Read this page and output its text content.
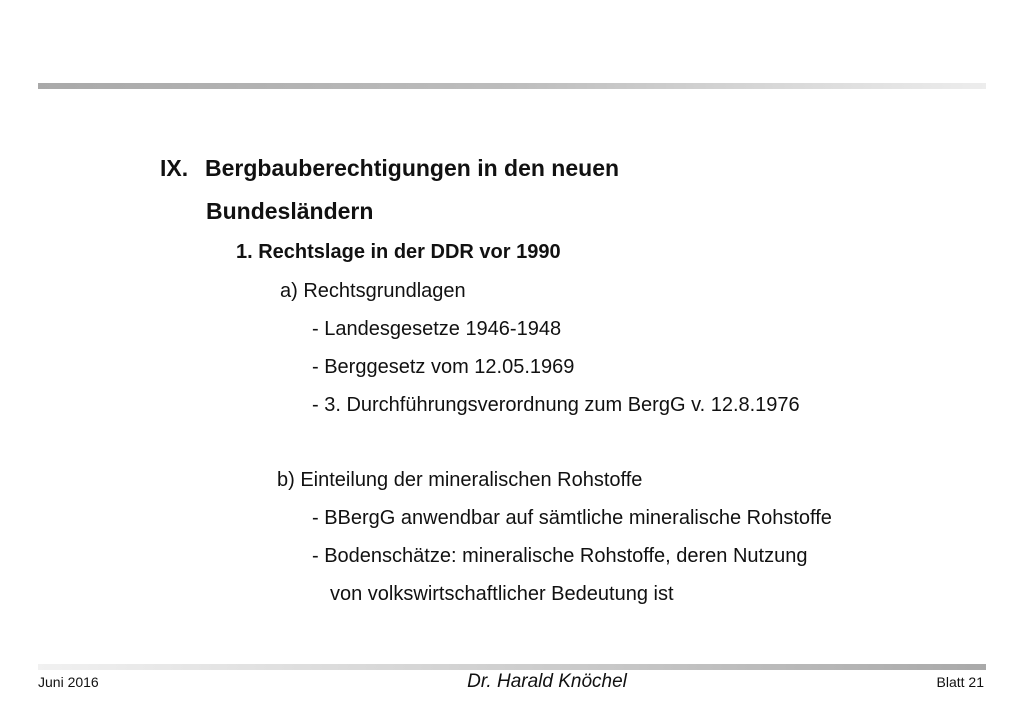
IX. Bergbauberechtigungen in den neuen
Bundesländern
1. Rechtslage in der DDR vor 1990
a) Rechtsgrundlagen
- Landesgesetze 1946-1948
- Berggesetz vom 12.05.1969
- 3. Durchführungsverordnung zum BergG v. 12.8.1976
b) Einteilung der mineralischen Rohstoffe
- BBergG anwendbar auf sämtliche mineralische Rohstoffe
- Bodenschätze: mineralische Rohstoffe, deren Nutzung
von volkswirtschaftlicher Bedeutung ist
Juni 2016	Dr. Harald Knöchel	Blatt 21
